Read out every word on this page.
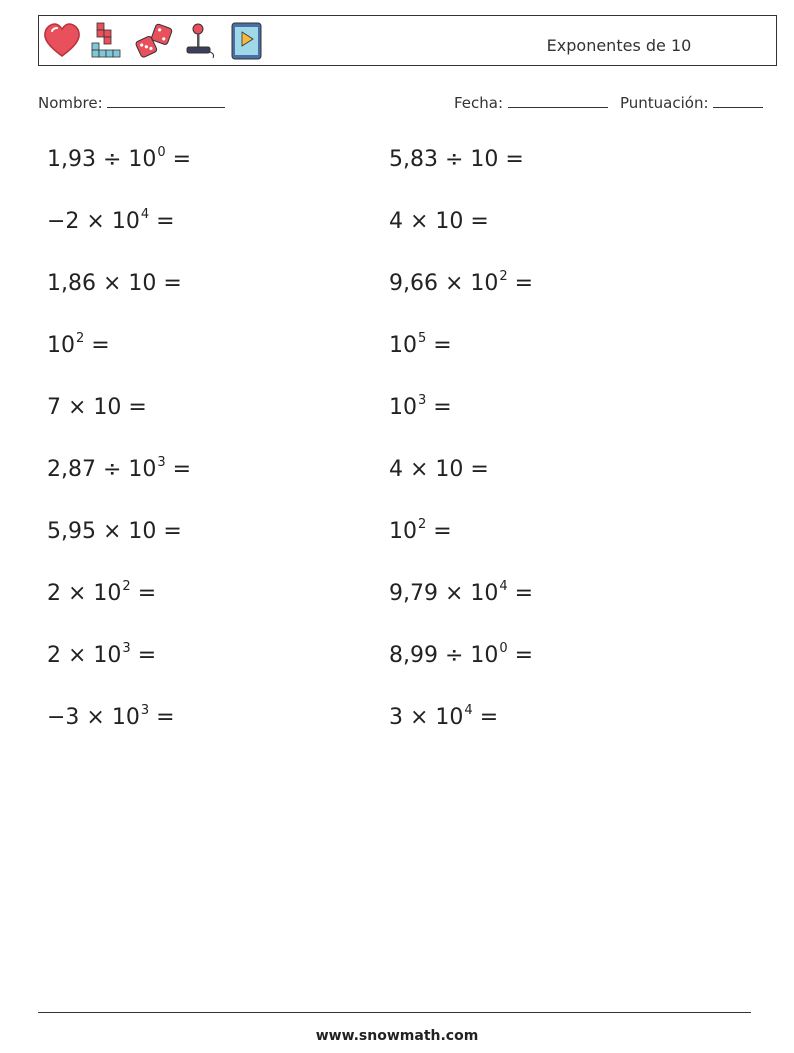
Exponentes de 10
Nombre:	Fecha:	Puntuación:
$1,93 \div 10^0$ =	5,83 ÷ 10 =
$-2 \times 10^4$ =	4 × 10 =
1,86 × 10 =	$9,66 \times 10^2$ =
$10^2$ =	$10^5$ =
7 × 10 =	$10^3$ =
$2,87 \div 10^3$ =	4 × 10 =
5,95 × 10 =	$10^2$ =
$2 \times 10^2$ =	$9,79 \times 10^4$ =
$2 \times 10^3$ =	$8,99 \div 10^0$ =
$-3 \times 10^3$ =	$3 \times 10^4$ =
www.snowmath.com
